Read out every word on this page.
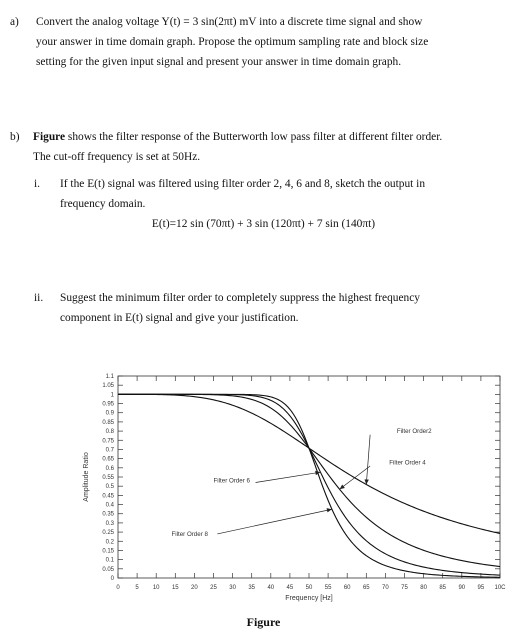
a) Convert the analog voltage Y(t) = 3 sin(2πt) mV into a discrete time signal and show
your answer in time domain graph. Propose the optimum sampling rate and block size
setting for the given input signal and present your answer in time domain graph.
b) Figure shows the filter response of the Butterworth low pass filter at different filter order.
The cut-off frequency is set at 50Hz.
i. If the E(t) signal was filtered using filter order 2, 4, 6 and 8, sketch the output in
frequency domain.
E(t)=12 sin (70πt) + 3 sin (120πt) + 7 sin (140πt)
ii. Suggest the minimum filter order to completely suppress the highest frequency
component in E(t) signal and give your justification.
0	5 10 15 20 25 30 35 40 45 50 55 60 65 70 75 80 85 90 95 10C
0
0.05
0.1
0.15
0.2
0.25
0.3
0.35
0.4
0.45
0.5
0.55
0.6
0.65
0.7
0.75
0.8
0.85
0.9
0.95
1
1.05
1.1
Frequency [Hz]
Amplitude Ratio
Filter Order2
Filter Order 4
Filter Order 6
Filter Order 8
Figure
